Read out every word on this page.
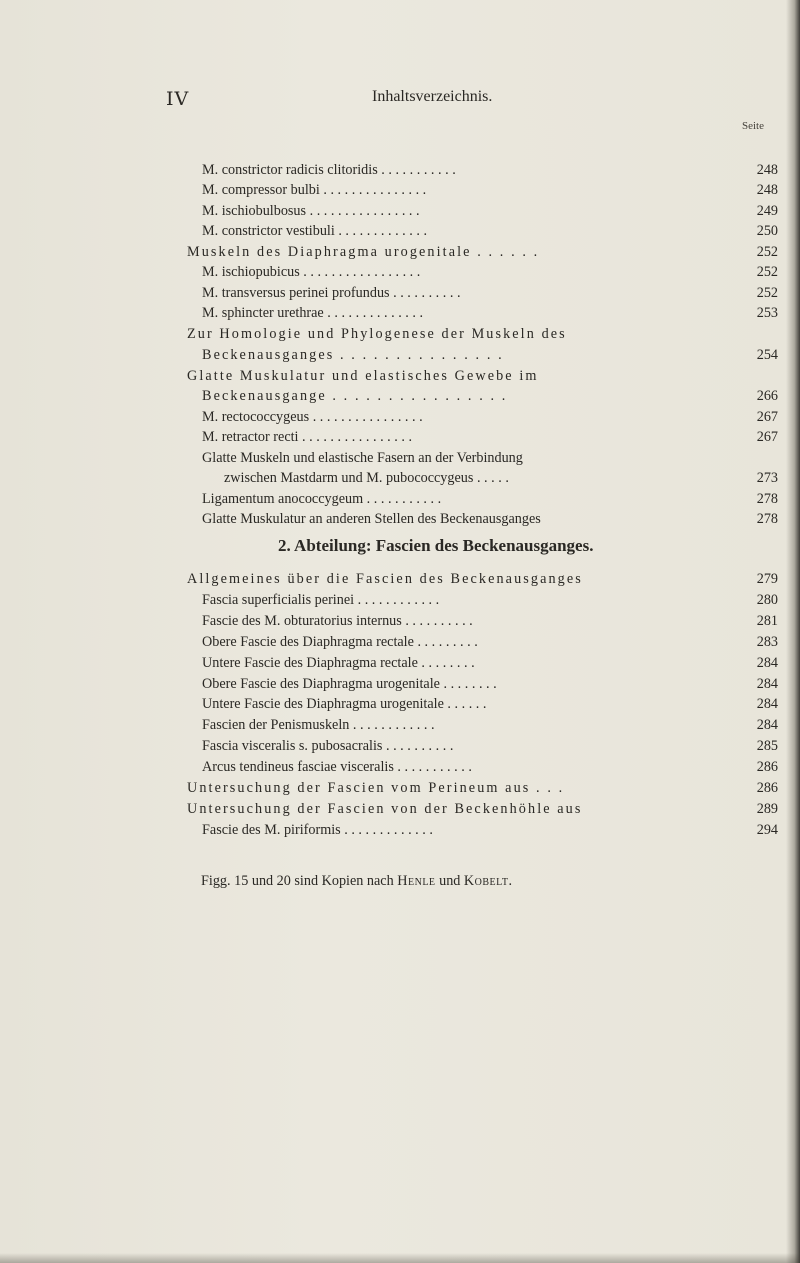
IV	Inhaltsverzeichnis.
Seite
M. constrictor radicis clitoridis . . . . . . . . . . .	248
M. compressor bulbi . . . . . . . . . . . . . . .	248
M. ischiobulbosus . . . . . . . . . . . . . . . .	249
M. constrictor vestibuli . . . . . . . . . . . . .	250
Muskeln des Diaphragma urogenitale . . . . . .	252
M. ischiopubicus . . . . . . . . . . . . . . . . .	252
M. transversus perinei profundus . . . . . . . . . .	252
M. sphincter urethrae . . . . . . . . . . . . . .	253
Zur Homologie und Phylogenese der Muskeln des
Beckenausganges . . . . . . . . . . . . . . .	254
Glatte Muskulatur und elastisches Gewebe im
Beckenausgange . . . . . . . . . . . . . . . .	266
M. rectococcygeus . . . . . . . . . . . . . . . .	267
M. retractor recti . . . . . . . . . . . . . . . .	267
Glatte Muskeln und elastische Fasern an der Verbindung
zwischen Mastdarm und M. pubococcygeus . . . . .	273
Ligamentum anococcygeum . . . . . . . . . . .	278
Glatte Muskulatur an anderen Stellen des Beckenausganges	278
2. Abteilung: Fascien des Beckenausganges.
Allgemeines über die Fascien des Beckenausganges	279
Fascia superficialis perinei . . . . . . . . . . . .	280
Fascie des M. obturatorius internus . . . . . . . . . .	281
Obere Fascie des Diaphragma rectale . . . . . . . . .	283
Untere Fascie des Diaphragma rectale . . . . . . . .	284
Obere Fascie des Diaphragma urogenitale . . . . . . . .	284
Untere Fascie des Diaphragma urogenitale . . . . . .	284
Fascien der Penismuskeln . . . . . . . . . . . .	284
Fascia visceralis s. pubosacralis . . . . . . . . . .	285
Arcus tendineus fasciae visceralis . . . . . . . . . . .	286
Untersuchung der Fascien vom Perineum aus . . .	286
Untersuchung der Fascien von der Beckenhöhle aus	289
Fascie des M. piriformis . . . . . . . . . . . . .	294
Figg. 15 und 20 sind Kopien nach Henle und Kobelt.
